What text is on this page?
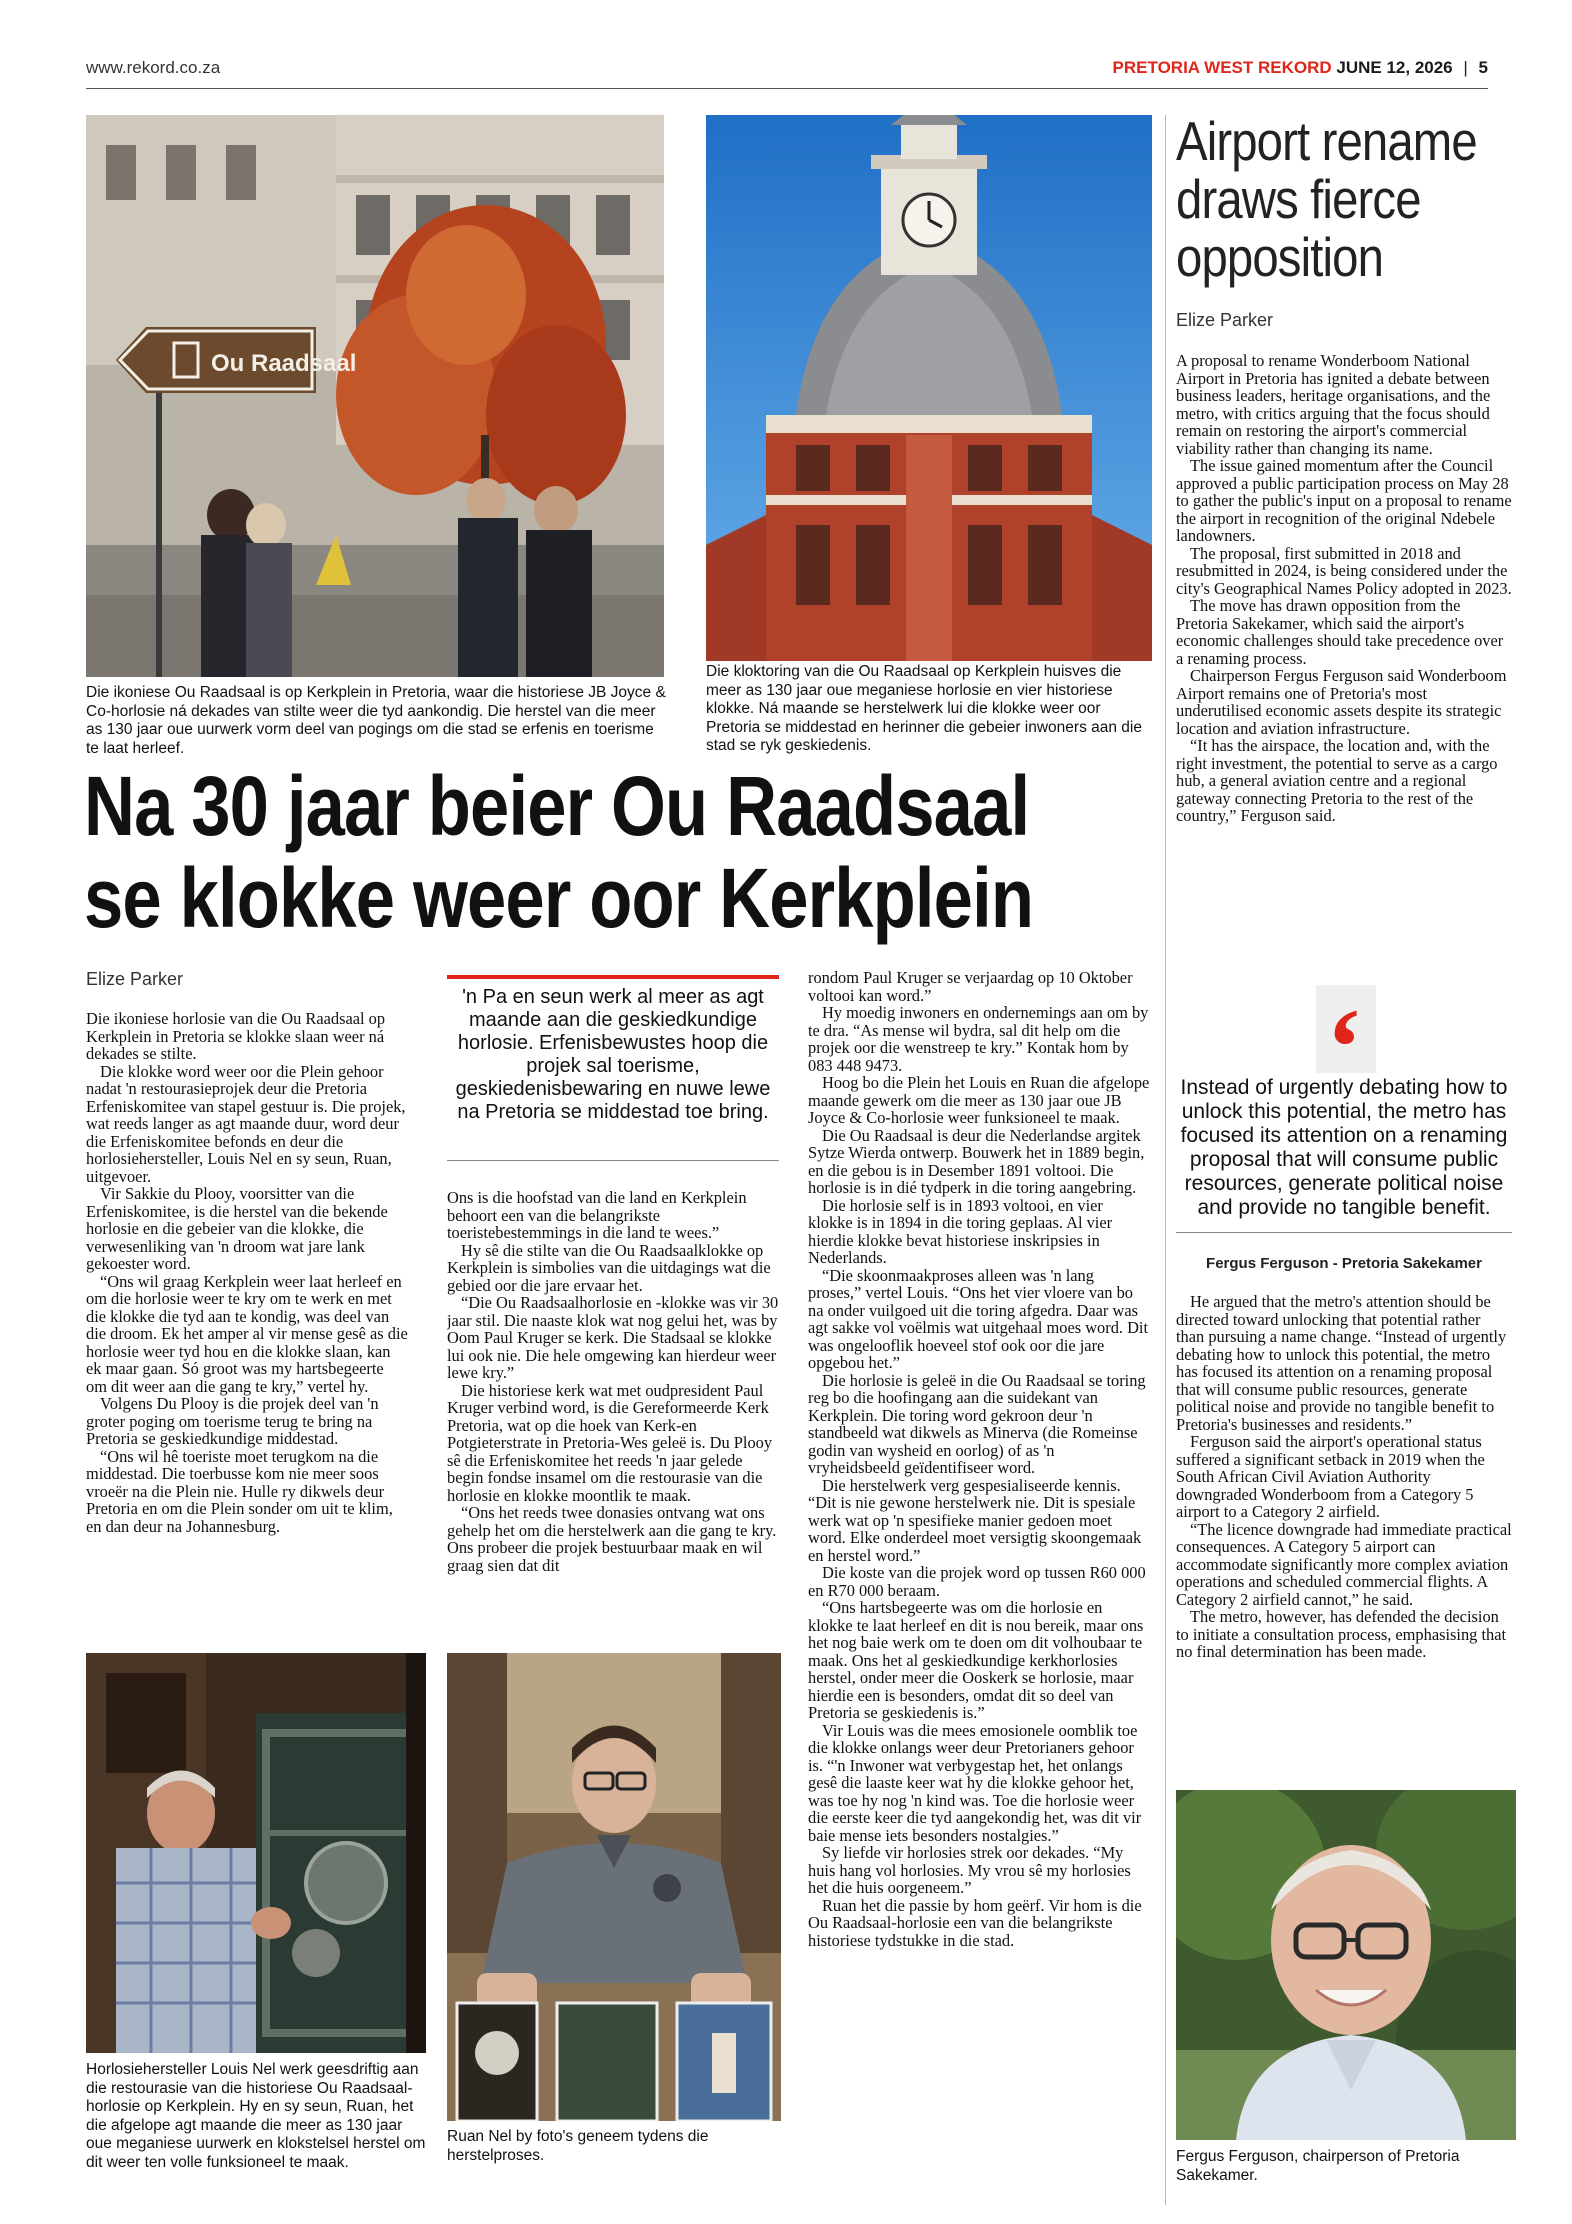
www.rekord.co.za	PRETORIA WEST REKORD JUNE 12, 2026 | 5
Ou Raadsaal
Die ikoniese Ou Raadsaal is op Kerkplein in Pretoria, waar die historiese JB Joyce & Co-horlosie ná dekades van stilte weer die tyd aankondig. Die herstel van die meer as 130 jaar oue uurwerk vorm deel van pogings om die stad se erfenis en toerisme te laat herleef.
Die kloktoring van die Ou Raadsaal op Kerkplein huisves die meer as 130 jaar oue meganiese horlosie en vier historiese klokke. Ná maande se herstelwerk lui die klokke weer oor Pretoria se middestad en herinner die gebeier inwoners aan die stad se ryk geskiedenis.
Na 30 jaar beier Ou Raadsaal
se klokke weer oor Kerkplein
Elize Parker

Die ikoniese horlosie van die Ou Raadsaal op Kerkplein in Pretoria se klokke slaan weer ná dekades se stilte.

Die klokke word weer oor die Plein gehoor nadat 'n restourasieprojek deur die Pretoria Erfeniskomitee van stapel gestuur is. Die projek, wat reeds langer as agt maande duur, word deur die Erfeniskomitee befonds en deur die horlosiehersteller, Louis Nel en sy seun, Ruan, uitgevoer.

Vir Sakkie du Plooy, voorsitter van die Erfeniskomitee, is die herstel van die bekende horlosie en die gebeier van die klokke, die verwesenliking van 'n droom wat jare lank gekoester word.

“Ons wil graag Kerkplein weer laat herleef en om die horlosie weer te kry om te werk en met die klokke die tyd aan te kondig, was deel van die droom. Ek het amper al vir mense gesê as die horlosie weer tyd hou en die klokke slaan, kan ek maar gaan. Só groot was my hartsbegeerte om dit weer aan die gang te kry,” vertel hy.

Volgens Du Plooy is die projek deel van 'n groter poging om toerisme terug te bring na Pretoria se geskiedkundige middestad.

“Ons wil hê toeriste moet terugkom na die middestad. Die toerbusse kom nie meer soos vroeër na die Plein nie. Hulle ry dikwels deur Pretoria en om die Plein sonder om uit te klim, en dan deur na Johannesburg.

'n Pa en seun werk al meer as agt maande aan die geskiedkundige horlosie. Erfenisbewustes hoop die projek sal toerisme, geskiedenisbewaring en nuwe lewe na Pretoria se middestad toe bring.

Ons is die hoofstad van die land en Kerkplein behoort een van die belangrikste toeristebestemmings in die land te wees.”

Hy sê die stilte van die Ou Raadsaalklokke op Kerkplein is simbolies van die uitdagings wat die gebied oor die jare ervaar het.

“Die Ou Raadsaalhorlosie en -klokke was vir 30 jaar stil. Die naaste klok wat nog gelui het, was by Oom Paul Kruger se kerk. Die Stadsaal se klokke lui ook nie. Die hele omgewing kan hierdeur weer lewe kry.”

Die historiese kerk wat met oudpresident Paul Kruger verbind word, is die Gereformeerde Kerk Pretoria, wat op die hoek van Kerk-en Potgieterstrate in Pretoria-Wes geleë is. Du Plooy sê die Erfeniskomitee het reeds 'n jaar gelede begin fondse insamel om die restourasie van die horlosie en klokke moontlik te maak.

“Ons het reeds twee donasies ontvang wat ons gehelp het om die herstelwerk aan die gang te kry. Ons probeer die projek bestuurbaar maak en wil graag sien dat dit

rondom Paul Kruger se verjaardag op 10 Oktober voltooi kan word.”

Hy moedig inwoners en ondernemings aan om by te dra. “As mense wil bydra, sal dit help om die projek oor die wenstreep te kry.” Kontak hom by 083 448 9473.

Hoog bo die Plein het Louis en Ruan die afgelope maande gewerk om die meer as 130 jaar oue JB Joyce & Co-horlosie weer funksioneel te maak.

Die Ou Raadsaal is deur die Nederlandse argitek Sytze Wierda ontwerp. Bouwerk het in 1889 begin, en die gebou is in Desember 1891 voltooi. Die horlosie is in dié tydperk in die toring aangebring.

Die horlosie self is in 1893 voltooi, en vier klokke is in 1894 in die toring geplaas. Al vier hierdie klokke bevat historiese inskripsies in Nederlands.

“Die skoonmaakproses alleen was 'n lang proses,” vertel Louis. “Ons het vier vloere van bo na onder vuilgoed uit die toring afgedra. Daar was agt sakke vol voëlmis wat uitgehaal moes word. Dit was ongelooflik hoeveel stof ook oor die jare opgebou het.”

Die horlosie is geleë in die Ou Raadsaal se toring reg bo die hoofingang aan die suidekant van Kerkplein. Die toring word gekroon deur 'n standbeeld wat dikwels as Minerva (die Romeinse godin van wysheid en oorlog) of as 'n vryheidsbeeld geïdentifiseer word.

Die herstelwerk verg gespesialiseerde kennis. “Dit is nie gewone herstelwerk nie. Dit is spesiale werk wat op 'n spesifieke manier gedoen moet word. Elke onderdeel moet versigtig skoongemaak en herstel word.”

Die koste van die projek word op tussen R60 000 en R70 000 beraam.

“Ons hartsbegeerte was om die horlosie en klokke te laat herleef en dit is nou bereik, maar ons het nog baie werk om te doen om dit volhoubaar te maak. Ons het al geskiedkundige kerkhorlosies herstel, onder meer die Ooskerk se horlosie, maar hierdie een is besonders, omdat dit so deel van Pretoria se geskiedenis is.”

Vir Louis was die mees emosionele oomblik toe die klokke onlangs weer deur Pretorianers gehoor is. “'n Inwoner wat verbygestap het, het onlangs gesê die laaste keer wat hy die klokke gehoor het, was toe hy nog 'n kind was. Toe die horlosie weer die eerste keer die tyd aangekondig het, was dit vir baie mense iets besonders nostalgies.”

Sy liefde vir horlosies strek oor dekades. “My huis hang vol horlosies. My vrou sê my horlosies het die huis oorgeneem.”

Ruan het die passie by hom geërf. Vir hom is die Ou Raadsaal-horlosie een van die belangrikste historiese tydstukke in die stad.

Horlosiehersteller Louis Nel werk geesdriftig aan die restourasie van die historiese Ou Raadsaal-horlosie op Kerkplein. Hy en sy seun, Ruan, het die afgelope agt maande die meer as 130 jaar oue meganiese uurwerk en klokstelsel herstel om dit weer ten volle funksioneel te maak.
Ruan Nel by foto's geneem tydens die herstelproses.
Airport rename
draws fierce
opposition
Elize Parker

A proposal to rename Wonderboom National Airport in Pretoria has ignited a debate between business leaders, heritage organisations, and the metro, with critics arguing that the focus should remain on restoring the airport's commercial viability rather than changing its name.

The issue gained momentum after the Council approved a public participation process on May 28 to gather the public's input on a proposal to rename the airport in recognition of the original Ndebele landowners.

The proposal, first submitted in 2018 and resubmitted in 2024, is being considered under the city's Geographical Names Policy adopted in 2023.

The move has drawn opposition from the Pretoria Sakekamer, which said the airport's economic challenges should take precedence over a renaming process.

Chairperson Fergus Ferguson said Wonderboom Airport remains one of Pretoria's most underutilised economic assets despite its strategic location and aviation infrastructure.

“It has the airspace, the location and, with the right investment, the potential to serve as a cargo hub, a general aviation centre and a regional gateway connecting Pretoria to the rest of the country,” Ferguson said.

‘
Instead of urgently debating how to unlock this potential, the metro has focused its attention on a renaming proposal that will consume public resources, generate political noise and provide no tangible benefit.
Fergus Ferguson - Pretoria Sakekamer

He argued that the metro's attention should be directed toward unlocking that potential rather than pursuing a name change. “Instead of urgently debating how to unlock this potential, the metro has focused its attention on a renaming proposal that will consume public resources, generate political noise and provide no tangible benefit to Pretoria's businesses and residents.”

Ferguson said the airport's operational status suffered a significant setback in 2019 when the South African Civil Aviation Authority downgraded Wonderboom from a Category 5 airport to a Category 2 airfield.

“The licence downgrade had immediate practical consequences. A Category 5 airport can accommodate significantly more complex aviation operations and scheduled commercial flights. A Category 2 airfield cannot,” he said.

The metro, however, has defended the decision to initiate a consultation process, emphasising that no final determination has been made.

Fergus Ferguson, chairperson of Pretoria Sakekamer.
